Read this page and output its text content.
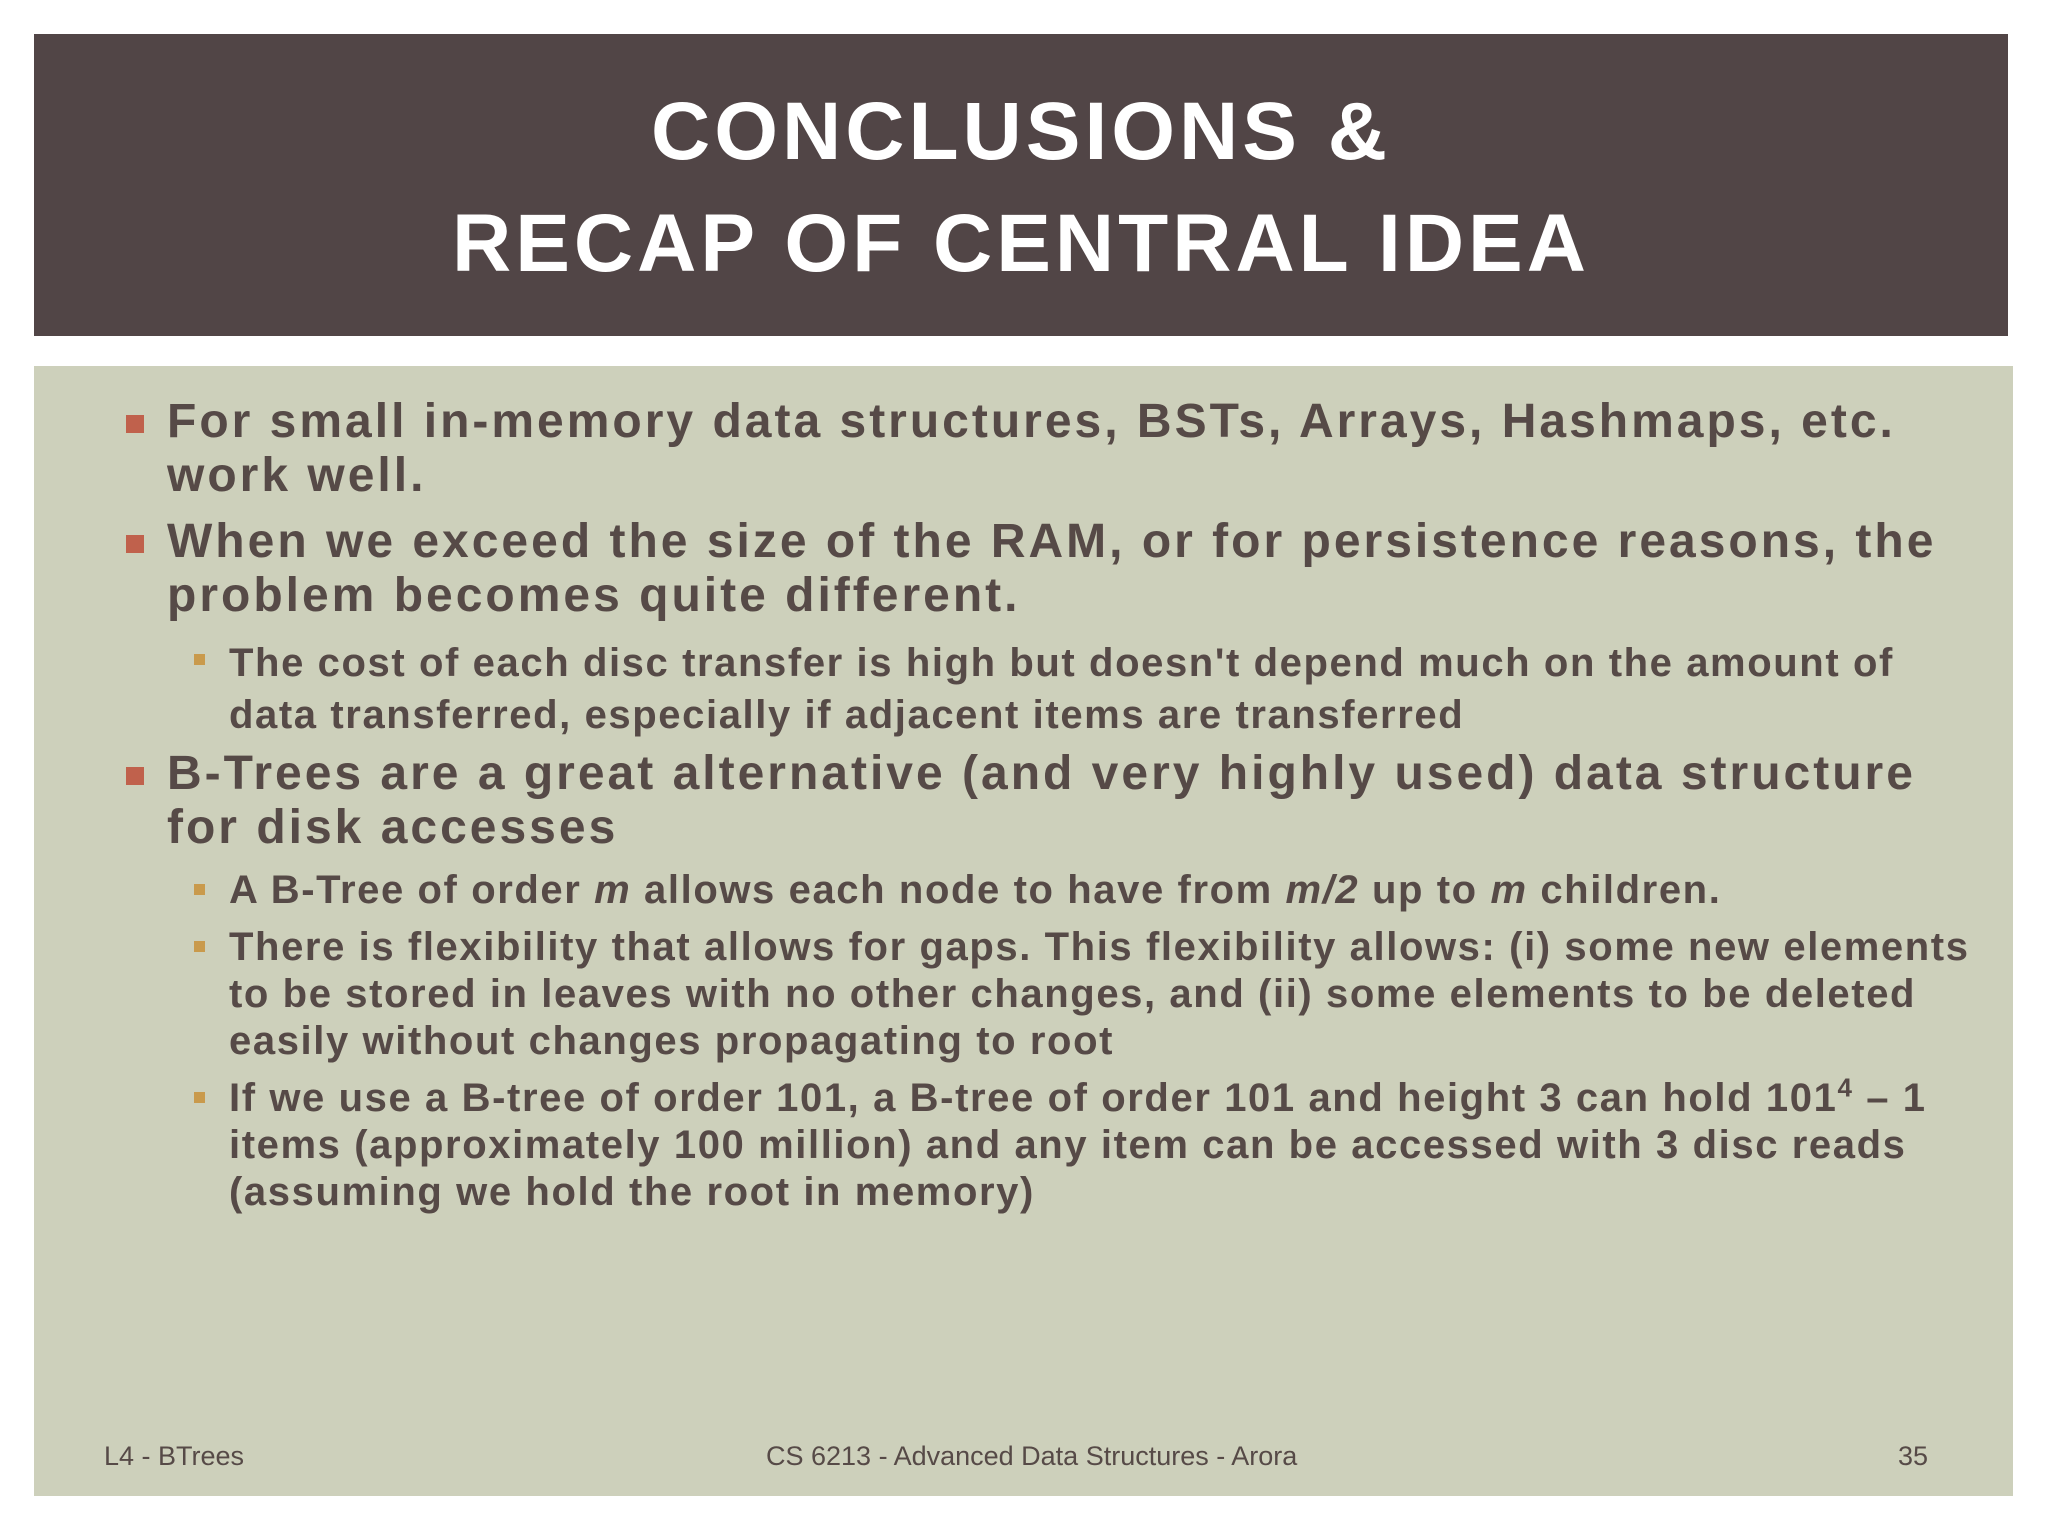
CONCLUSIONS &
RECAP OF CENTRAL IDEA
For small in-memory data structures, BSTs, Arrays, Hashmaps, etc. work well.
When we exceed the size of the RAM, or for persistence reasons, the problem becomes quite different.
The cost of each disc transfer is high but doesn't depend much on the amount of data transferred, especially if adjacent items are transferred
B-Trees are a great alternative (and very highly used) data structure for disk accesses
A B-Tree of order m allows each node to have from m/2 up to m children.
There is flexibility that allows for gaps. This flexibility allows: (i) some new elements to be stored in leaves with no other changes, and (ii) some elements to be deleted easily without changes propagating to root
If we use a B-tree of order 101, a B-tree of order 101 and height 3 can hold $101^4 - 1$ items (approximately 100 million) and any item can be accessed with 3 disc reads (assuming we hold the root in memory)
L4 - BTrees	CS 6213 - Advanced Data Structures - Arora	35
